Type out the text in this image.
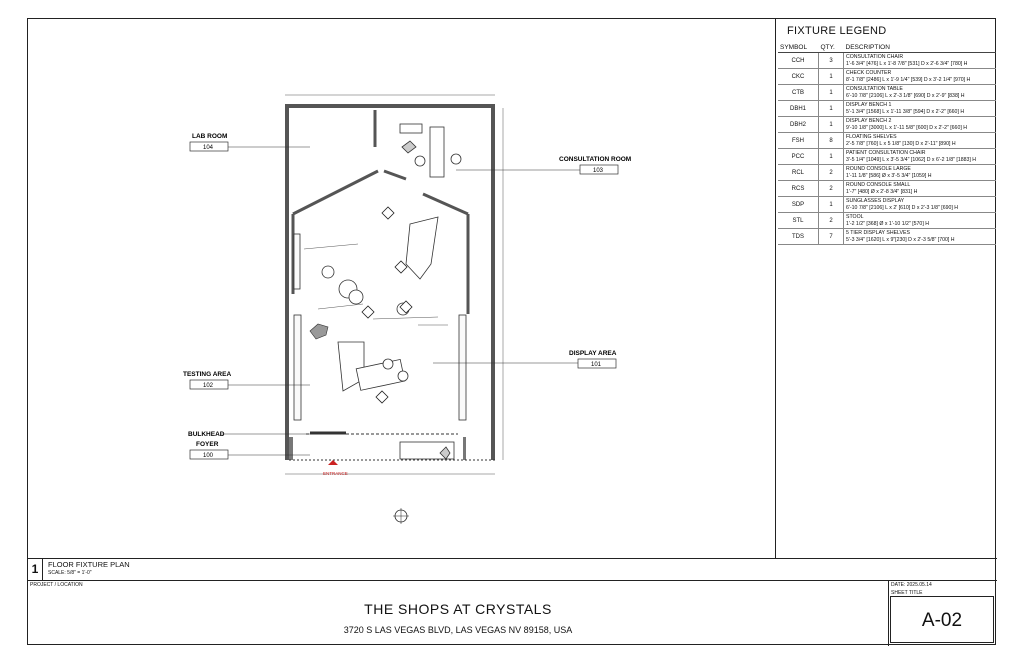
ENTRANCE
LAB ROOM
104
CONSULTATION ROOM
103
TESTING AREA
102
DISPLAY AREA
101
BULKHEAD
FOYER
100
FIXTURE LEGEND
SYMBOL	QTY.	DESCRIPTION
CCH	3	CONSULTATION CHAIR
1'-6 3/4" [476] L x 1'-8 7/8" [531] D x 2'-6 3/4" [780] H

CKC	1	CHECK COUNTER
8'-1 7/8" [2486] L x 1'-9 1/4" [539] D x 3'-2 1/4" [970] H

CTB	1	CONSULTATION TABLE
6'-10 7/8" [2106] L x 2'-3 1/8" [690] D x 2'-9" [838] H

DBH1	1	DISPLAY BENCH 1
5'-1 3/4" [1568] L x 1'-11 3/8" [594] D x 2'-2" [660] H

DBH2	1	DISPLAY BENCH 2
9'-10 1/8" [3000] L x 1'-11 5/8" [600] D x 2'-2" [660] H

FSH	8	FLOATING SHELVES
2'-5 7/8" [760] L x 5 1/8" [130] D x 2'-11" [890] H

PCC	1	PATIENT CONSULTATION CHAIR
3'-5 1/4" [1049] L x 3'-5 3/4" [1062] D x 6'-2 1/8" [1883] H

RCL	2	ROUND CONSOLE LARGE
1'-11 1/8" [586] Ø x 3'-5 3/4" [1059] H

RCS	2	ROUND CONSOLE SMALL
1'-7" [480] Ø x 2'-8 3/4" [831] H

SDP	1	SUNGLASSES DISPLAY
6'-10 7/8" [2106] L x 2' [610] D x 2'-3 1/8" [690] H

STL	2	STOOL
1'-2 1/2" [368] Ø x 1'-10 1/2" [570] H

TDS	7	5 TIER DISPLAY SHELVES
5'-3 3/4" [1620] L x 9"[230] D x 2'-3 5/8" [700] H
1	FLOOR FIXTURE PLAN
SCALE: 5/8" = 1'-0"
PROJECT / LOCATION
THE SHOPS AT CRYSTALS
3720 S LAS VEGAS BLVD, LAS VEGAS NV 89158, USA
DATE: 2025.05.14
SHEET TITLE
A-02
